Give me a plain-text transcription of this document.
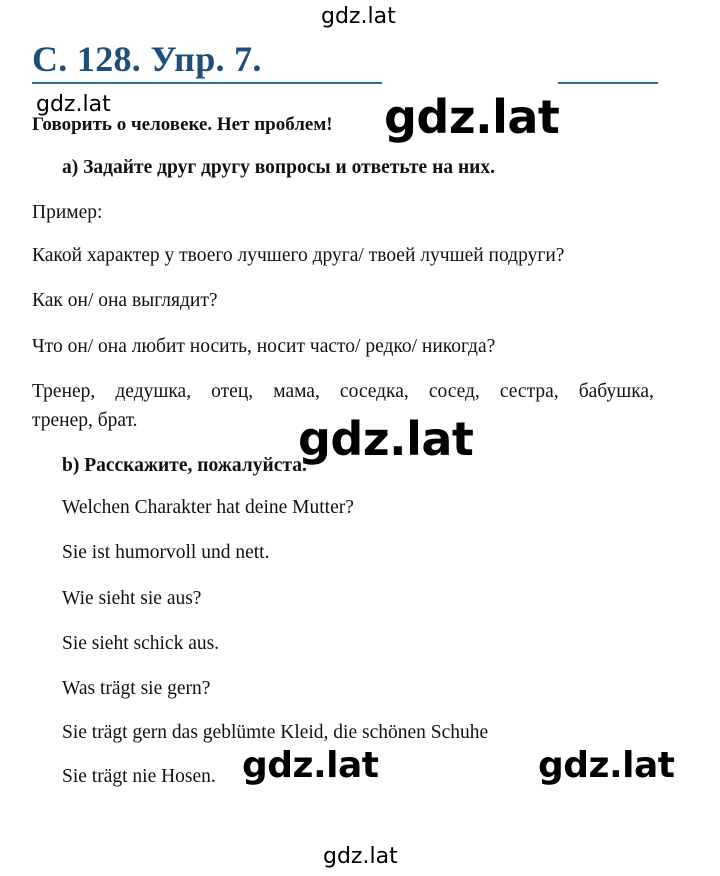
gdz.lat
gdz.lat
С. 128. Упр. 7.
Говорить о человеке. Нет проблем! gdz.lat
а) Задайте друг другу вопросы и ответьте на них.
Пример:
Какой характер у твоего лучшего друга/ твоей лучшей подруги?
Как он/ она выглядит?
Что он/ она любит носить, носит часто/ редко/ никогда?
Тренер, дедушка, отец, мама, соседка, сосед, сестра, бабушка,
тренер, брат.	gdz.lat
b) Расскажите, пожалуйста.
Welchen Charakter hat deine Mutter?
Sie ist humorvoll und nett.
Wie sieht sie aus?
Sie sieht schick aus.
Was trägt sie gern?
Sie trägt gern das geblümte Kleid, die schönen Schuhe
Sie trägt nie Hosen. gdz.lat	gdz.lat
gdz.lat
